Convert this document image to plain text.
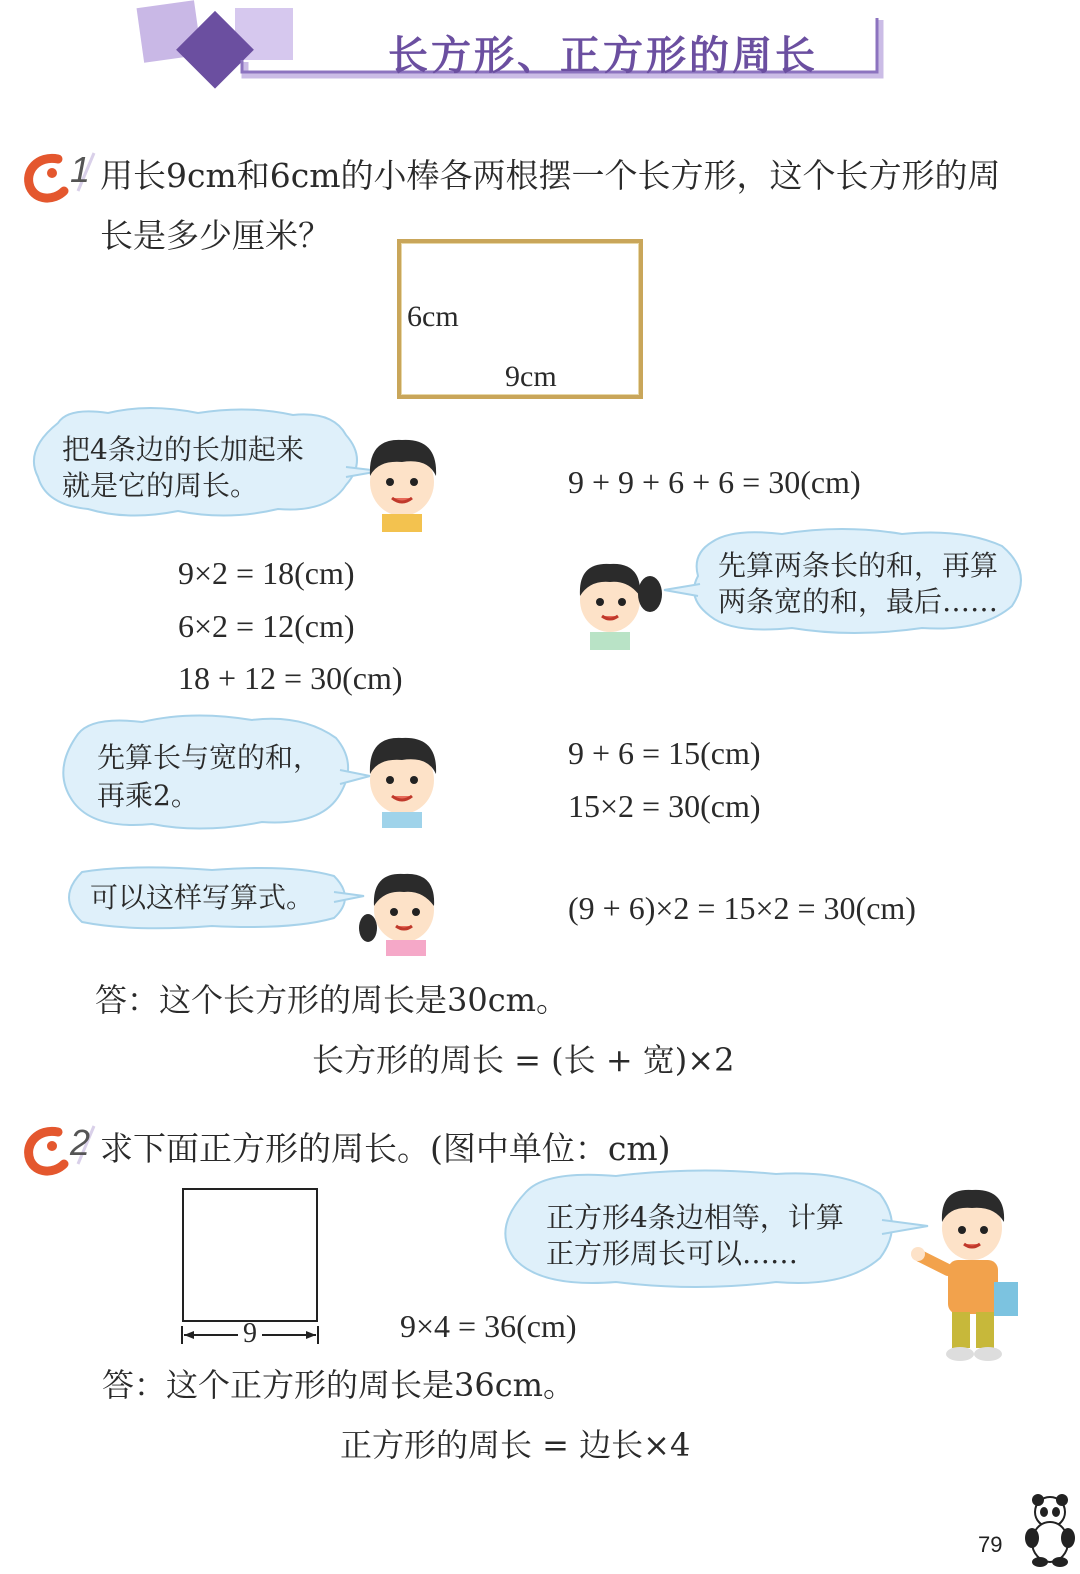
长方形、正方形的周长
1 用长9cm和6cm的小棒各两根摆一个长方形，这个长方形的周
长是多少厘米？
6cm
9cm
把4条边的长加起来
就是它的周长。	9 + 9 + 6 + 6 = 30(cm)
9×2 = 18(cm)
6×2 = 12(cm)
18 + 12 = 30(cm)
先算两条长的和，再算
两条宽的和，最后……
先算长与宽的和，
再乘2。
9 + 6 = 15(cm)
15×2 = 30(cm)
可以这样写算式。	(9 + 6)×2 = 15×2 = 30(cm)
答：这个长方形的周长是30cm。
长方形的周长 = (长 + 宽)×2
2 求下面正方形的周长。(图中单位：cm)
9
正方形4条边相等，计算
正方形周长可以……
9×4 = 36(cm)
答：这个正方形的周长是36cm。
正方形的周长 = 边长×4
79
